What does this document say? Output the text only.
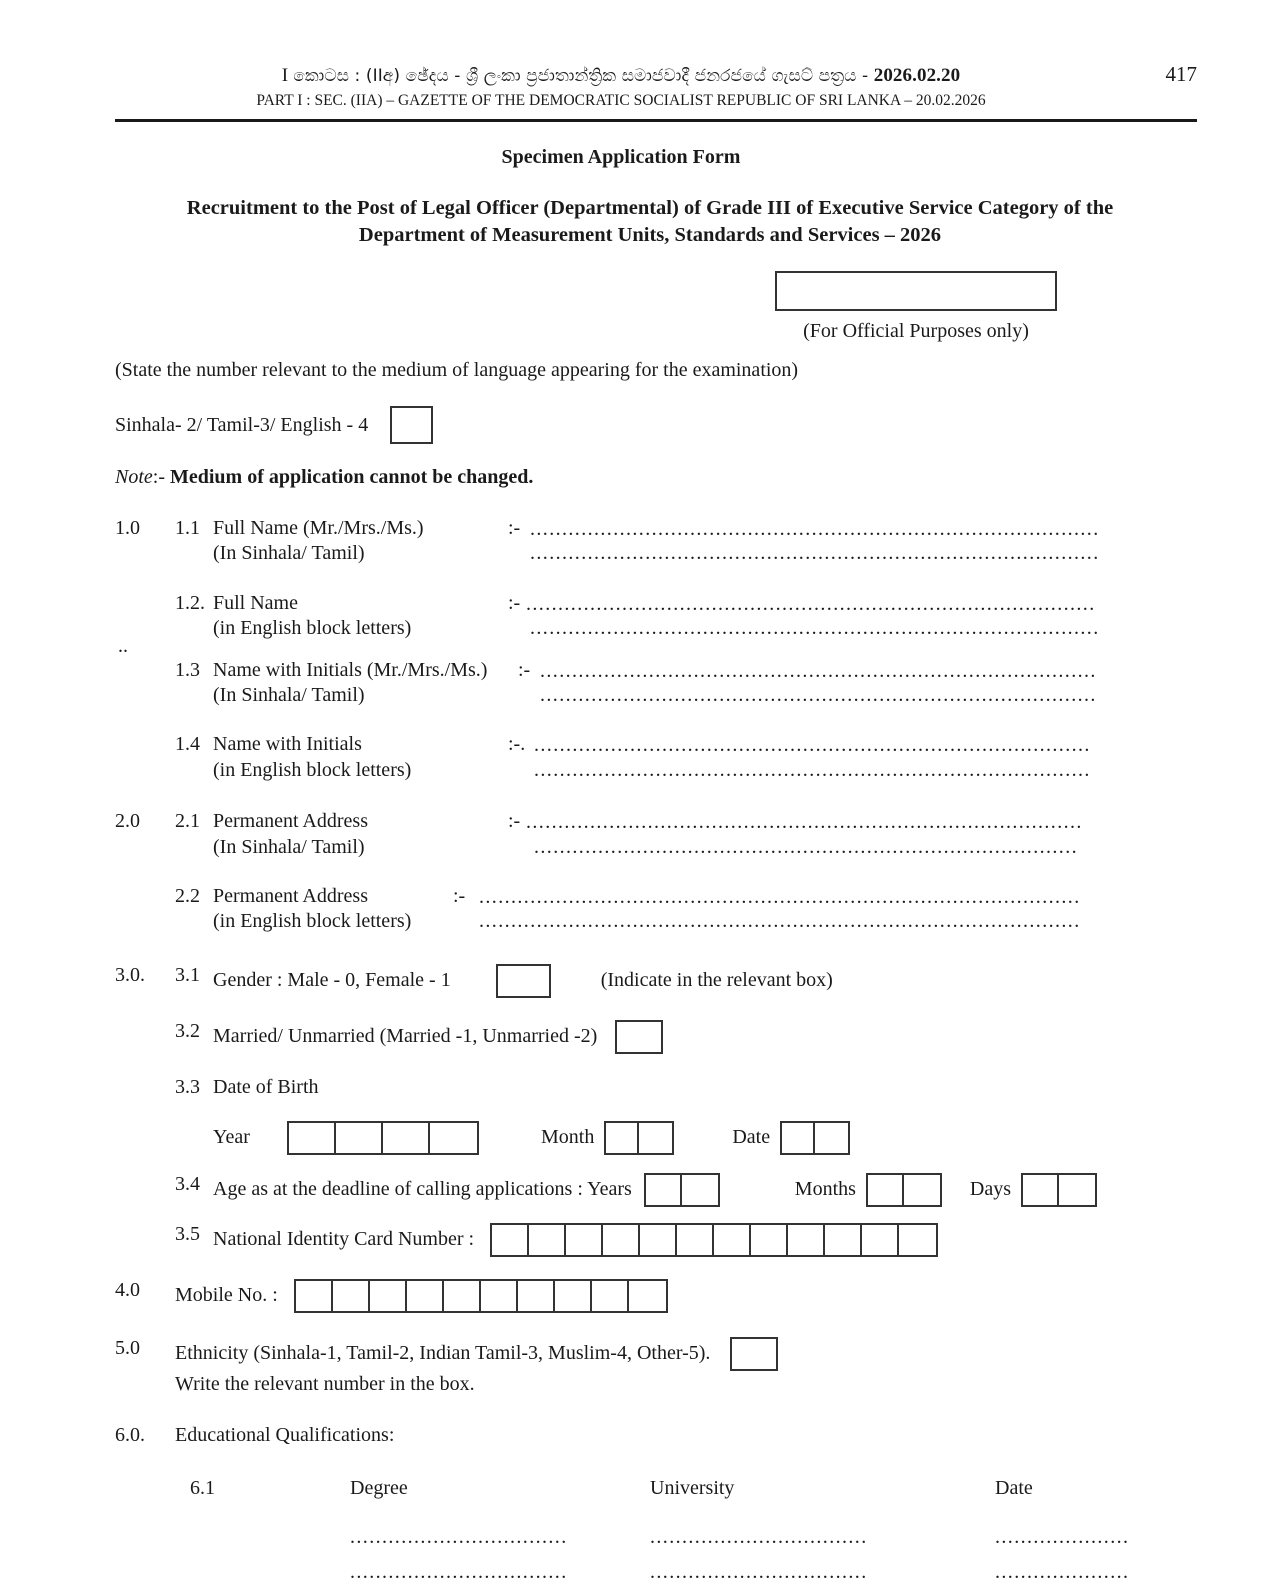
I කොටස : (IIඅ) ඡේදය - ශ්‍රී ලංකා ප්‍රජාතාන්ත්‍රික සමාජවාදී ජනරජයේ ගැසට් පත්‍රය - 2026.02.20	417
PART I : SEC. (IIA) – GAZETTE OF THE DEMOCRATIC SOCIALIST REPUBLIC OF SRI LANKA – 20.02.2026
Specimen Application Form
Recruitment to the Post of Legal Officer (Departmental) of Grade III of Executive Service Category of the
Department of Measurement Units, Standards and Services – 2026
(For Official Purposes only)
(State the number relevant to the medium of language appearing for the examination)
Sinhala- 2/ Tamil-3/ English - 4
Note:- Medium of application cannot be changed.
1.0	1.1 Full Name (Mr./Mrs./Ms.)	:- .........................................................................................
(In Sinhala/ Tamil)	.........................................................................................
1.2. Full Name	:- .........................................................................................
(in English block letters)	.........................................................................................
..
1.3 Name with Initials (Mr./Mrs./Ms.)	:- .......................................................................................
(In Sinhala/ Tamil)	.......................................................................................
1.4 Name with Initials	:-. .......................................................................................
(in English block letters)	.......................................................................................
2.0	2.1 Permanent Address	:- .......................................................................................
(In Sinhala/ Tamil)	.....................................................................................
2.2 Permanent Address	:- ..............................................................................................
(in English block letters)	..............................................................................................
3.0.	3.1 Gender : Male - 0, Female - 1	(Indicate in the relevant box)
3.2 Married/ Unmarried (Married -1, Unmarried -2)
3.3 Date of Birth
Year	Month	Date
3.4 Age as at the deadline of calling applications : Years	Months	Days
3.5 National Identity Card Number :
4.0	Mobile No. :
5.0	Ethnicity (Sinhala-1, Tamil-2, Indian Tamil-3, Muslim-4, Other-5).
Write the relevant number in the box.
6.0.	Educational Qualifications:
6.1	Degree	University	Date
..................................	..................................	.....................
..................................	..................................	.....................
